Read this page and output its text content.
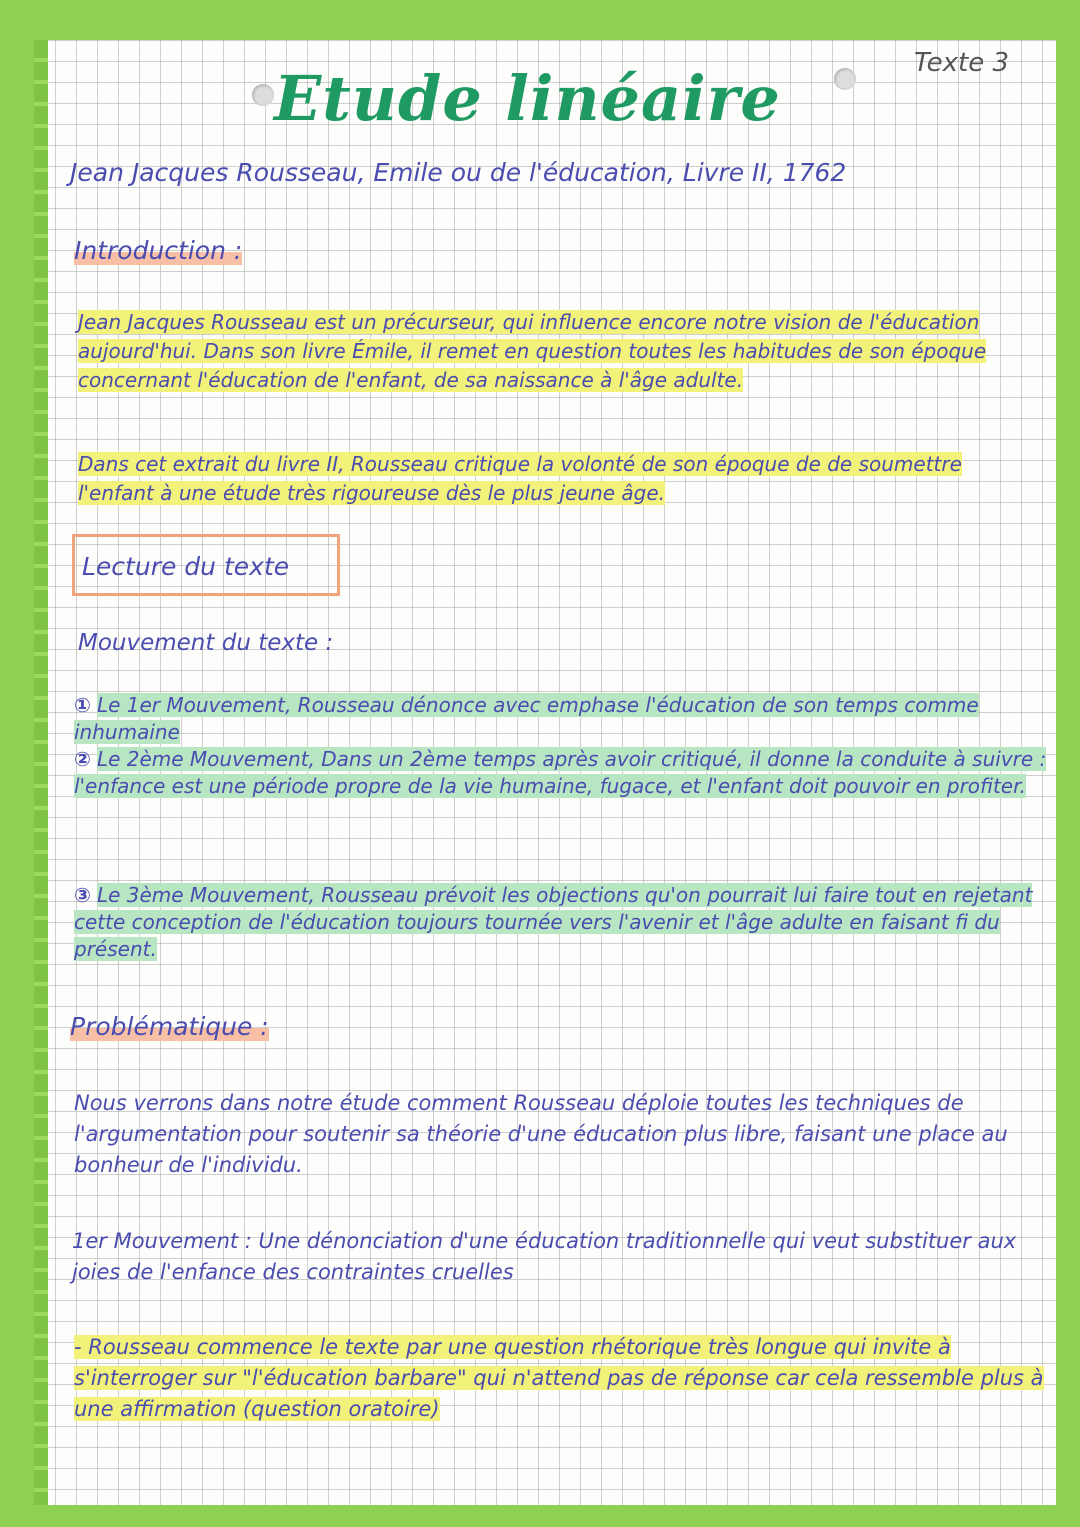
Etude linéaire	Texte 3

Jean Jacques Rousseau, Emile ou de l'éducation, Livre II, 1762

Introduction :

Jean Jacques Rousseau est un précurseur, qui influence encore notre vision de l'éducation aujourd'hui. Dans son livre Émile, il remet en question toutes les habitudes de son époque concernant l'éducation de l'enfant, de sa naissance à l'âge adulte.

Dans cet extrait du livre II, Rousseau critique la volonté de son époque de de soumettre l'enfant à une étude très rigoureuse dès le plus jeune âge.

Lecture du texte

Mouvement du texte :

① Le 1er Mouvement, Rousseau dénonce avec emphase l'éducation de son temps comme inhumaine

② Le 2ème Mouvement, Dans un 2ème temps après avoir critiqué, il donne la conduite à suivre : l'enfance est une période propre de la vie humaine, fugace, et l'enfant doit pouvoir en profiter.

③ Le 3ème Mouvement, Rousseau prévoit les objections qu'on pourrait lui faire tout en rejetant cette conception de l'éducation toujours tournée vers l'avenir et l'âge adulte en faisant fi du présent.

Problématique :

Nous verrons dans notre étude comment Rousseau déploie toutes les techniques de l'argumentation pour soutenir sa théorie d'une éducation plus libre, faisant une place au bonheur de l'individu.

1er Mouvement : Une dénonciation d'une éducation traditionnelle qui veut substituer aux joies de l'enfance des contraintes cruelles

- Rousseau commence le texte par une question rhétorique très longue qui invite à s'interroger sur "l'éducation barbare" qui n'attend pas de réponse car cela ressemble plus à une affirmation (question oratoire)
